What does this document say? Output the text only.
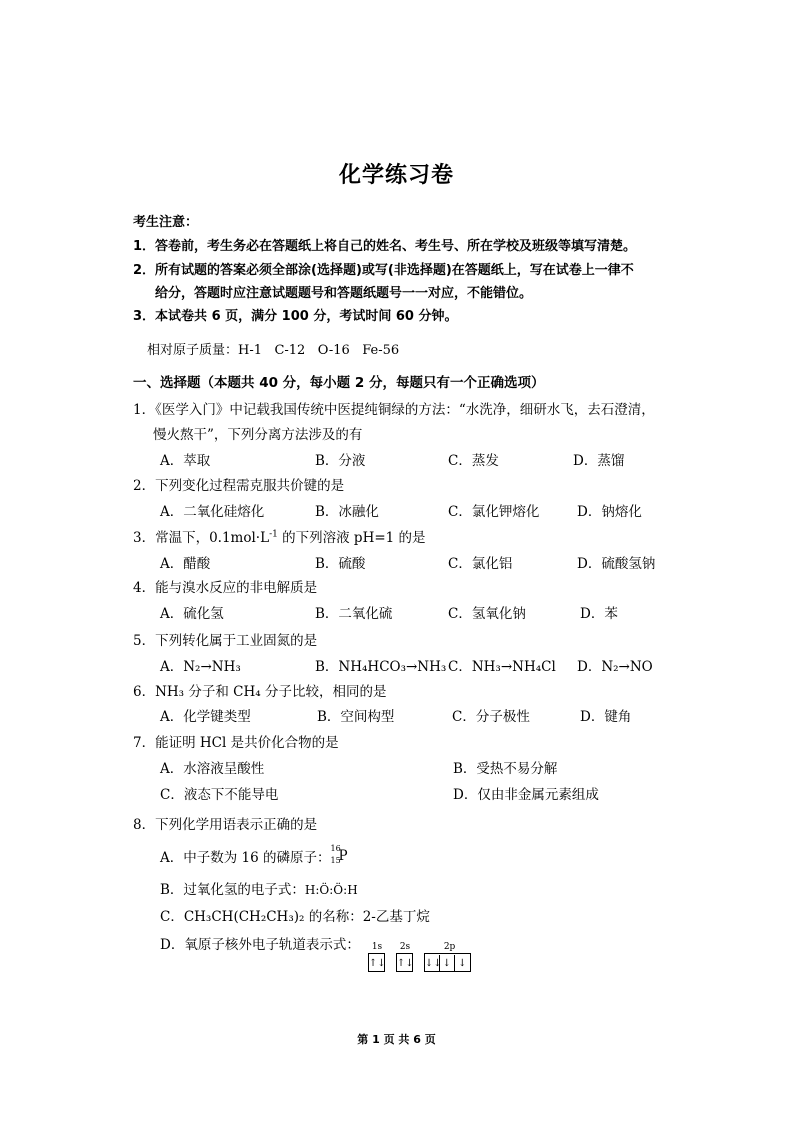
化学练习卷
考生注意：
1．答卷前，考生务必在答题纸上将自己的姓名、考生号、所在学校及班级等填写清楚。
2．所有试题的答案必须全部涂(选择题)或写(非选择题)在答题纸上，写在试卷上一律不
给分，答题时应注意试题题号和答题纸题号一一对应，不能错位。
3．本试卷共 6 页，满分 100 分，考试时间 60 分钟。
相对原子质量：H-1 C-12 O-16 Fe-56
一、选择题（本题共 40 分，每小题 2 分，每题只有一个正确选项）
1．《医学入门》中记载我国传统中医提纯铜绿的方法：“水洗净，细研水飞，去石澄清，
慢火熬干”，下列分离方法涉及的有
A．萃取	B．分液	C．蒸发	D．蒸馏
2．下列变化过程需克服共价键的是
A．二氧化硅熔化	B．冰融化	C．氯化钾熔化	D．钠熔化
3．常温下，$0.1mol\cdot L^{-1}$ 的下列溶液 pH=1 的是
A．醋酸	B．硫酸	C．氯化铝	D．硫酸氢钠
4．能与溴水反应的非电解质是
A．硫化氢	B．二氧化硫	C．氢氧化钠	D．苯
5．下列转化属于工业固氮的是
A．N₂→NH₃	B．NH₄HCO₃→NH₃ C．NH₃→NH₄Cl D．N₂→NO
6．NH₃ 分子和 CH₄ 分子比较，相同的是
A．化学键类型	B．空间构型	C．分子极性	D．键角
7．能证明 HCl 是共价化合物的是
A．水溶液呈酸性	B．受热不易分解
C．液态下不能导电	D．仅由非金属元素组成
8．下列化学用语表示正确的是
A．中子数为 16 的磷原子：
16
15
P
B．过氧化氢的电子式：H:Ö:Ö:H
C．CH₃CH(CH₂CH₃)₂ 的名称：2-乙基丁烷
D．氧原子核外电子轨道表示式： 1s 2s	2p
↑↓ ↑↓ ↓↓↓ ↓
第 1 页 共 6 页
